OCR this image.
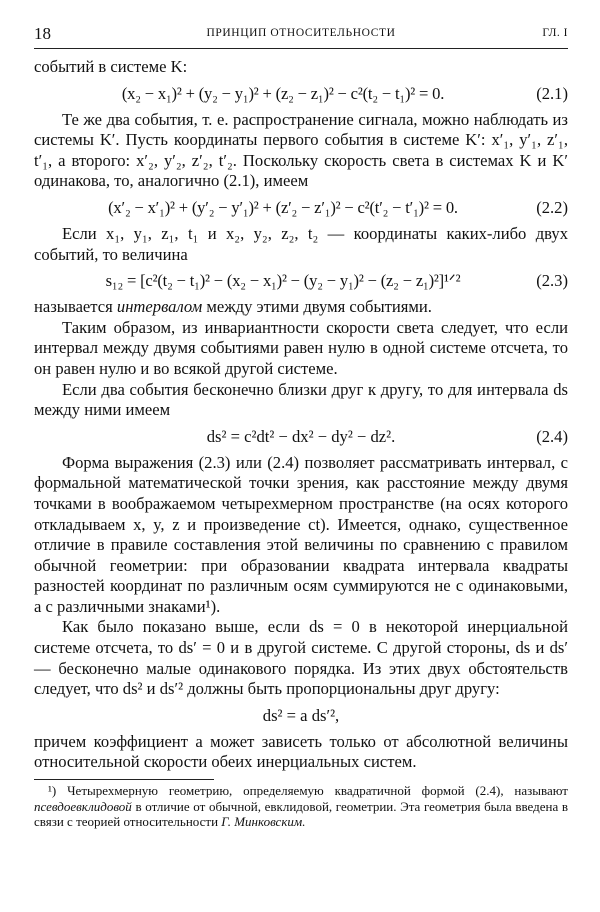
18	ПРИНЦИП ОТНОСИТЕЛЬНОСТИ	ГЛ. I

событий в системе K:

(x₂ − x₁)² + (y₂ − y₁)² + (z₂ − z₁)² − c²(t₂ − t₁)² = 0.	(2.1)

Те же два события, т. е. распространение сигнала, можно наблюдать из системы K′. Пусть координаты первого события в системе K′: x′₁, y′₁, z′₁, t′₁, а второго: x′₂, y′₂, z′₂, t′₂. Поскольку скорость света в системах K и K′ одинакова, то, аналогично (2.1), имеем

(x′₂ − x′₁)² + (y′₂ − y′₁)² + (z′₂ − z′₁)² − c²(t′₂ − t′₁)² = 0.	(2.2)

Если x₁, y₁, z₁, t₁ и x₂, y₂, z₂, t₂ — координаты каких-либо двух событий, то величина

s₁₂ = [c²(t₂ − t₁)² − (x₂ − x₁)² − (y₂ − y₁)² − (z₂ − z₁)²]¹ᐟ²	(2.3)

называется интервалом между этими двумя событиями.

Таким образом, из инвариантности скорости света следует, что если интервал между двумя событиями равен нулю в одной системе отсчета, то он равен нулю и во всякой другой системе.

Если два события бесконечно близки друг к другу, то для интервала ds между ними имеем

ds² = c²dt² − dx² − dy² − dz².	(2.4)

Форма выражения (2.3) или (2.4) позволяет рассматривать интервал, с формальной математической точки зрения, как расстояние между двумя точками в воображаемом четырехмерном пространстве (на осях которого откладываем x, y, z и произведение ct). Имеется, однако, существенное отличие в правиле составления этой величины по сравнению с правилом обычной геометрии: при образовании квадрата интервала квадраты разностей координат по различным осям суммируются не с одинаковыми, а с различными знаками¹).

Как было показано выше, если ds = 0 в некоторой инерциальной системе отсчета, то ds′ = 0 и в другой системе. С другой стороны, ds и ds′ — бесконечно малые одинакового порядка. Из этих двух обстоятельств следует, что ds² и ds′² должны быть пропорциональны друг другу:

ds² = a ds′²,

причем коэффициент a может зависеть только от абсолютной величины относительной скорости обеих инерциальных систем.

¹) Четырехмерную геометрию, определяемую квадратичной формой (2.4), называют псевдоевклидовой в отличие от обычной, евклидовой, геометрии. Эта геометрия была введена в связи с теорией относительности Г. Минковским.
